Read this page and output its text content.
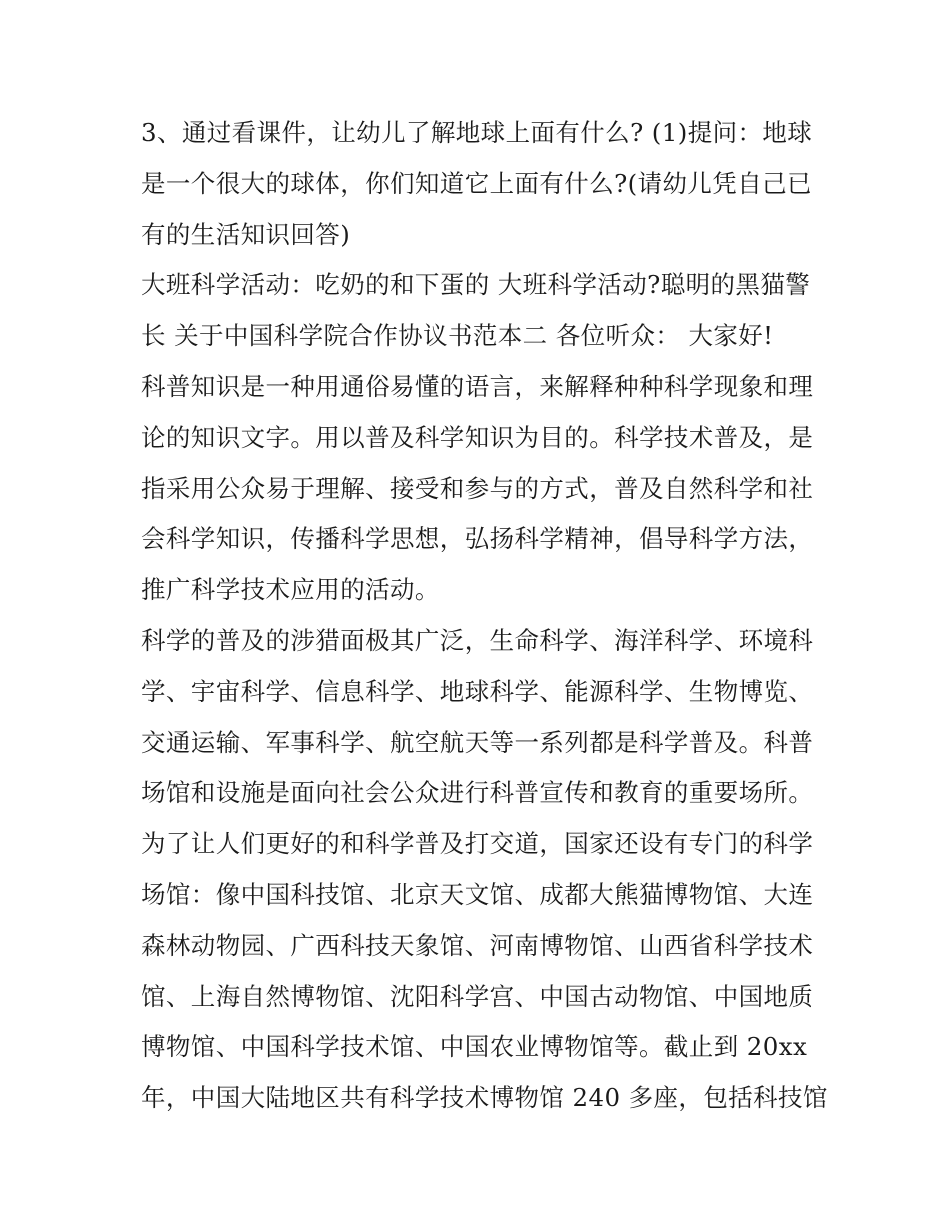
3、通过看课件，让幼儿了解地球上面有什么? (1)提问：地球
是一个很大的球体，你们知道它上面有什么?(请幼儿凭自己已
有的生活知识回答)
大班科学活动：吃奶的和下蛋的 大班科学活动?聪明的黑猫警
长 关于中国科学院合作协议书范本二 各位听众： 大家好!
科普知识是一种用通俗易懂的语言，来解释种种科学现象和理
论的知识文字。用以普及科学知识为目的。科学技术普及，是
指采用公众易于理解、接受和参与的方式，普及自然科学和社
会科学知识，传播科学思想，弘扬科学精神，倡导科学方法，
推广科学技术应用的活动。
科学的普及的涉猎面极其广泛，生命科学、海洋科学、环境科
学、宇宙科学、信息科学、地球科学、能源科学、生物博览、
交通运输、军事科学、航空航天等一系列都是科学普及。科普
场馆和设施是面向社会公众进行科普宣传和教育的重要场所。
为了让人们更好的和科学普及打交道，国家还设有专门的科学
场馆：像中国科技馆、北京天文馆、成都大熊猫博物馆、大连
森林动物园、广西科技天象馆、河南博物馆、山西省科学技术
馆、上海自然博物馆、沈阳科学宫、中国古动物馆、中国地质
博物馆、中国科学技术馆、中国农业博物馆等。截止到 20xx
年，中国大陆地区共有科学技术博物馆 240 多座，包括科技馆
